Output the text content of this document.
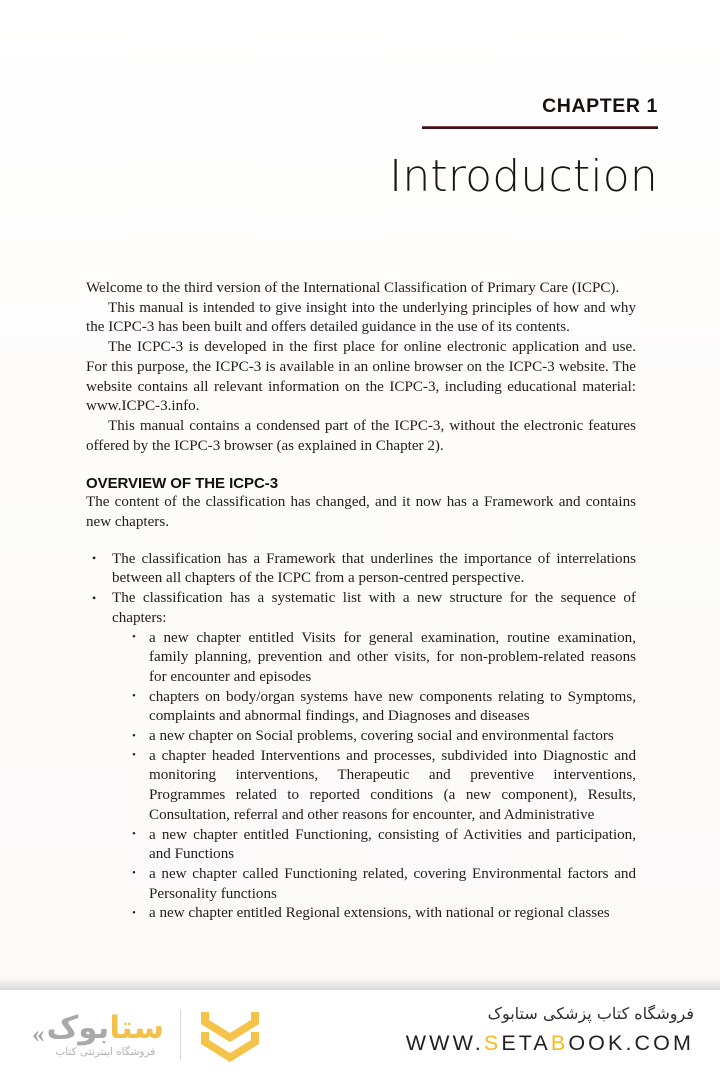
CHAPTER 1
Introduction

Welcome to the third version of the International Classification of Primary Care (ICPC).

This manual is intended to give insight into the underlying principles of how and why the ICPC-3 has been built and offers detailed guidance in the use of its contents.

The ICPC-3 is developed in the first place for online electronic application and use. For this purpose, the ICPC-3 is available in an online browser on the ICPC-3 website. The website contains all relevant information on the ICPC-3, including educational material: www.ICPC-3.info.

This manual contains a condensed part of the ICPC-3, without the electronic features offered by the ICPC-3 browser (as explained in Chapter 2).

OVERVIEW OF THE ICPC-3

The content of the classification has changed, and it now has a Framework and contains new chapters.

• The classification has a Framework that underlines the importance of interrelations between all chapters of the ICPC from a person-centred perspective.
• The classification has a systematic list with a new structure for the sequence of chapters:
• a new chapter entitled Visits for general examination, routine examination, family planning, prevention and other visits, for non-problem-related reasons for encounter and episodes
• chapters on body/organ systems have new components relating to Symptoms, complaints and abnormal findings, and Diagnoses and diseases
• a new chapter on Social problems, covering social and environmental factors
• a chapter headed Interventions and processes, subdivided into Diagnostic and monitoring interventions, Therapeutic and preventive interventions, Programmes related to reported conditions (a new component), Results, Consultation, referral and other reasons for encounter, and Administrative
• a new chapter entitled Functioning, consisting of Activities and participation, and Functions
• a new chapter called Functioning related, covering Environmental factors and Personality functions
• a new chapter entitled Regional extensions, with national or regional classes
« ستا
بوک
فروشگاه اینترنتی کتاب
فروشگاه کتاب پزشکی ستابوک
WWW.SETABOOK.COM
